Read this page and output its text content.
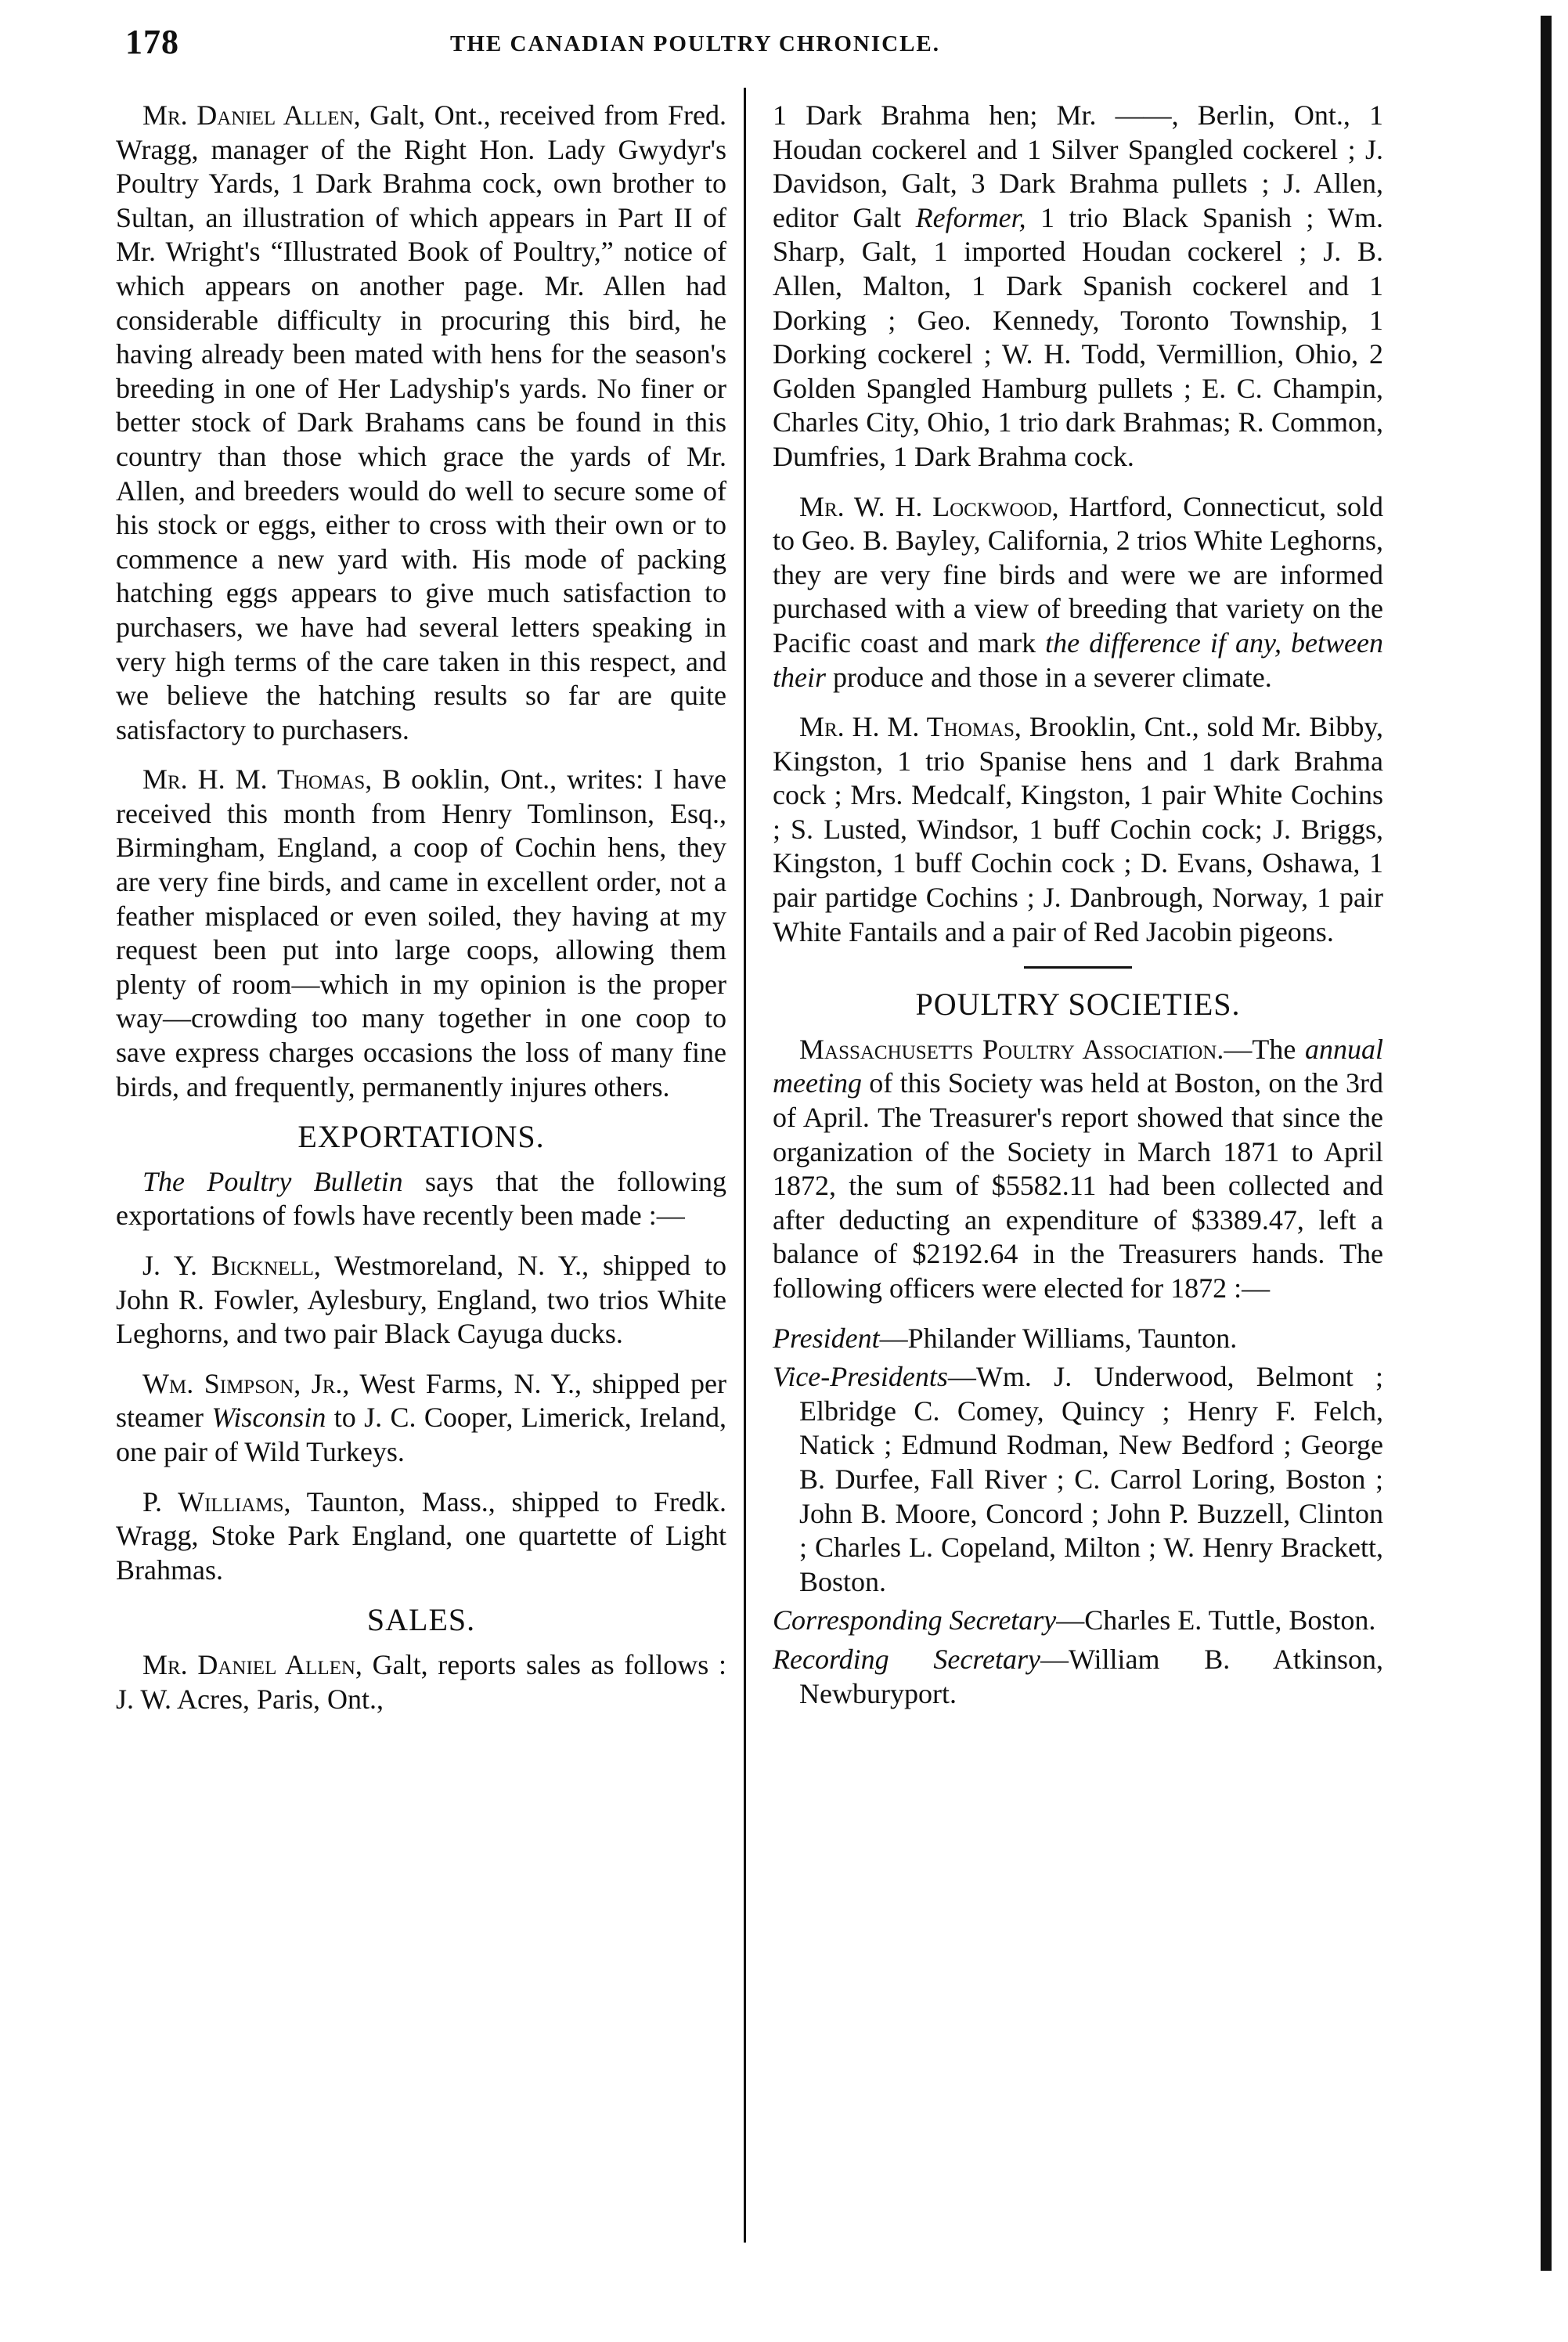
178	THE CANADIAN POULTRY CHRONICLE.

Mr. Daniel Allen, Galt, Ont., received from Fred. Wragg, manager of the Right Hon. Lady Gwydyr's Poultry Yards, 1 Dark Brahma cock, own brother to Sultan, an illustration of which appears in Part II of Mr. Wright's “Illustrated Book of Poultry,” notice of which appears on another page. Mr. Allen had considerable difficulty in procuring this bird, he having already been mated with hens for the season's breeding in one of Her Ladyship's yards. No finer or better stock of Dark Brahams cans be found in this country than those which grace the yards of Mr. Allen, and breeders would do well to secure some of his stock or eggs, either to cross with their own or to commence a new yard with. His mode of packing hatching eggs appears to give much satisfaction to purchasers, we have had several letters speaking in very high terms of the care taken in this respect, and we believe the hatching results so far are quite satisfactory to purchasers.

Mr. H. M. Thomas, B ooklin, Ont., writes: I have received this month from Henry Tomlinson, Esq., Birmingham, England, a coop of Cochin hens, they are very fine birds, and came in excellent order, not a feather misplaced or even soiled, they having at my request been put into large coops, allowing them plenty of room—which in my opinion is the proper way—crowding too many together in one coop to save express charges occasions the loss of many fine birds, and frequently, permanently injures others.

EXPORTATIONS.

The Poultry Bulletin says that the following exportations of fowls have recently been made :—

J. Y. Bicknell, Westmoreland, N. Y., shipped to John R. Fowler, Aylesbury, England, two trios White Leghorns, and two pair Black Cayuga ducks.

Wm. Simpson, Jr., West Farms, N. Y., shipped per steamer Wisconsin to J. C. Cooper, Limerick, Ireland, one pair of Wild Turkeys.

P. Williams, Taunton, Mass., shipped to Fredk. Wragg, Stoke Park England, one quartette of Light Brahmas.

SALES.

Mr. Daniel Allen, Galt, reports sales as follows : J. W. Acres, Paris, Ont.,

1 Dark Brahma hen; Mr. ——, Berlin, Ont., 1 Houdan cockerel and 1 Silver Spangled cockerel ; J. Davidson, Galt, 3 Dark Brahma pullets ; J. Allen, editor Galt Reformer, 1 trio Black Spanish ; Wm. Sharp, Galt, 1 imported Houdan cockerel ; J. B. Allen, Malton, 1 Dark Spanish cockerel and 1 Dorking ; Geo. Kennedy, Toronto Township, 1 Dorking cockerel ; W. H. Todd, Vermillion, Ohio, 2 Golden Spangled Hamburg pullets ; E. C. Champin, Charles City, Ohio, 1 trio dark Brahmas; R. Common, Dumfries, 1 Dark Brahma cock.

Mr. W. H. Lockwood, Hartford, Connecticut, sold to Geo. B. Bayley, California, 2 trios White Leghorns, they are very fine birds and were we are informed purchased with a view of breeding that variety on the Pacific coast and mark the difference if any, between their produce and those in a severer climate.

Mr. H. M. Thomas, Brooklin, Cnt., sold Mr. Bibby, Kingston, 1 trio Spanise hens and 1 dark Brahma cock ; Mrs. Medcalf, Kingston, 1 pair White Cochins ; S. Lusted, Windsor, 1 buff Cochin cock; J. Briggs, Kingston, 1 buff Cochin cock ; D. Evans, Oshawa, 1 pair partidge Cochins ; J. Danbrough, Norway, 1 pair White Fantails and a pair of Red Jacobin pigeons.

POULTRY SOCIETIES.

Massachusetts Poultry Association.—The annual meeting of this Society was held at Boston, on the 3rd of April. The Treasurer's report showed that since the organization of the Society in March 1871 to April 1872, the sum of $5582.11 had been collected and after deducting an expenditure of $3389.47, left a balance of $2192.64 in the Treasurers hands. The following officers were elected for 1872 :—

President—Philander Williams, Taunton.
Vice-Presidents—Wm. J. Underwood, Belmont ; Elbridge C. Comey, Quincy ; Henry F. Felch, Natick ; Edmund Rodman, New Bedford ; George B. Durfee, Fall River ; C. Carrol Loring, Boston ; John B. Moore, Concord ; John P. Buzzell, Clinton ; Charles L. Copeland, Milton ; W. Henry Brackett, Boston.
Corresponding Secretary—Charles E. Tuttle, Boston.
Recording Secretary—William B. Atkinson, Newburyport.
